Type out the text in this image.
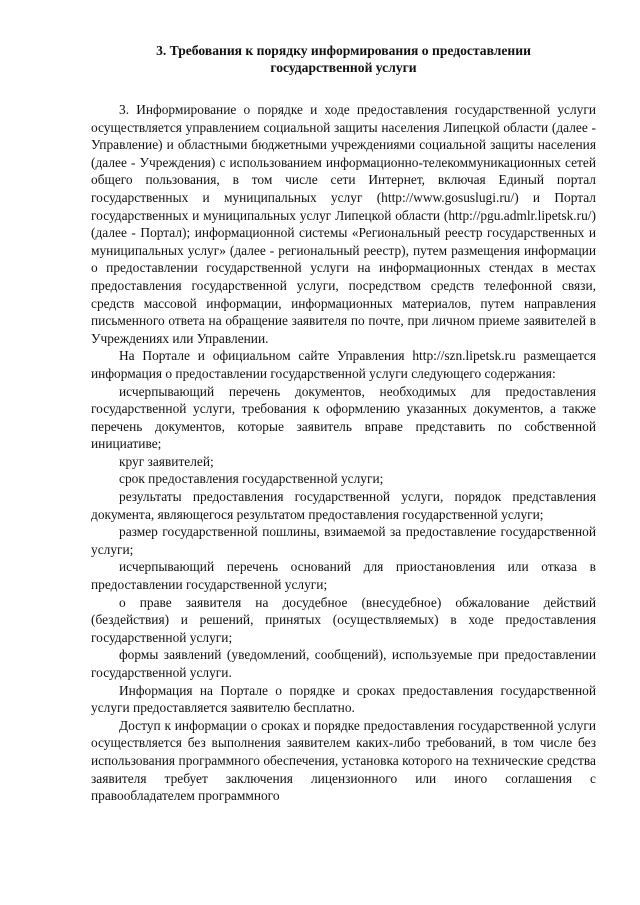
3. Требования к порядку информирования о предоставлении государственной услуги

3. Информирование о порядке и ходе предоставления государственной услуги осуществляется управлением социальной защиты населения Липецкой области (далее - Управление) и областными бюджетными учреждениями социальной защиты населения (далее - Учреждения) с использованием информационно-телекоммуникационных сетей общего пользования, в том числе сети Интернет, включая Единый портал государственных и муниципальных услуг (http://www.gosuslugi.ru/) и Портал государственных и муниципальных услуг Липецкой области (http://pgu.admlr.lipetsk.ru/) (далее - Портал); информационной системы «Региональный реестр государственных и муниципальных услуг» (далее - региональный реестр), путем размещения информации о предоставлении государственной услуги на информационных стендах в местах предоставления государственной услуги, посредством средств телефонной связи, средств массовой информации, информационных материалов, путем направления письменного ответа на обращение заявителя по почте, при личном приеме заявителей в Учреждениях или Управлении.

На Портале и официальном сайте Управления http://szn.lipetsk.ru размещается информация о предоставлении государственной услуги следующего содержания:

исчерпывающий перечень документов, необходимых для предоставления государственной услуги, требования к оформлению указанных документов, а также перечень документов, которые заявитель вправе представить по собственной инициативе;

круг заявителей;

срок предоставления государственной услуги;

результаты предоставления государственной услуги, порядок представления документа, являющегося результатом предоставления государственной услуги;

размер государственной пошлины, взимаемой за предоставление государственной услуги;

исчерпывающий перечень оснований для приостановления или отказа в предоставлении государственной услуги;

о праве заявителя на досудебное (внесудебное) обжалование действий (бездействия) и решений, принятых (осуществляемых) в ходе предоставления государственной услуги;

формы заявлений (уведомлений, сообщений), используемые при предоставлении государственной услуги.

Информация на Портале о порядке и сроках предоставления государственной услуги предоставляется заявителю бесплатно.

Доступ к информации о сроках и порядке предоставления государственной услуги осуществляется без выполнения заявителем каких-либо требований, в том числе без использования программного обеспечения, установка которого на технические средства заявителя требует заключения лицензионного или иного соглашения с правообладателем программного
